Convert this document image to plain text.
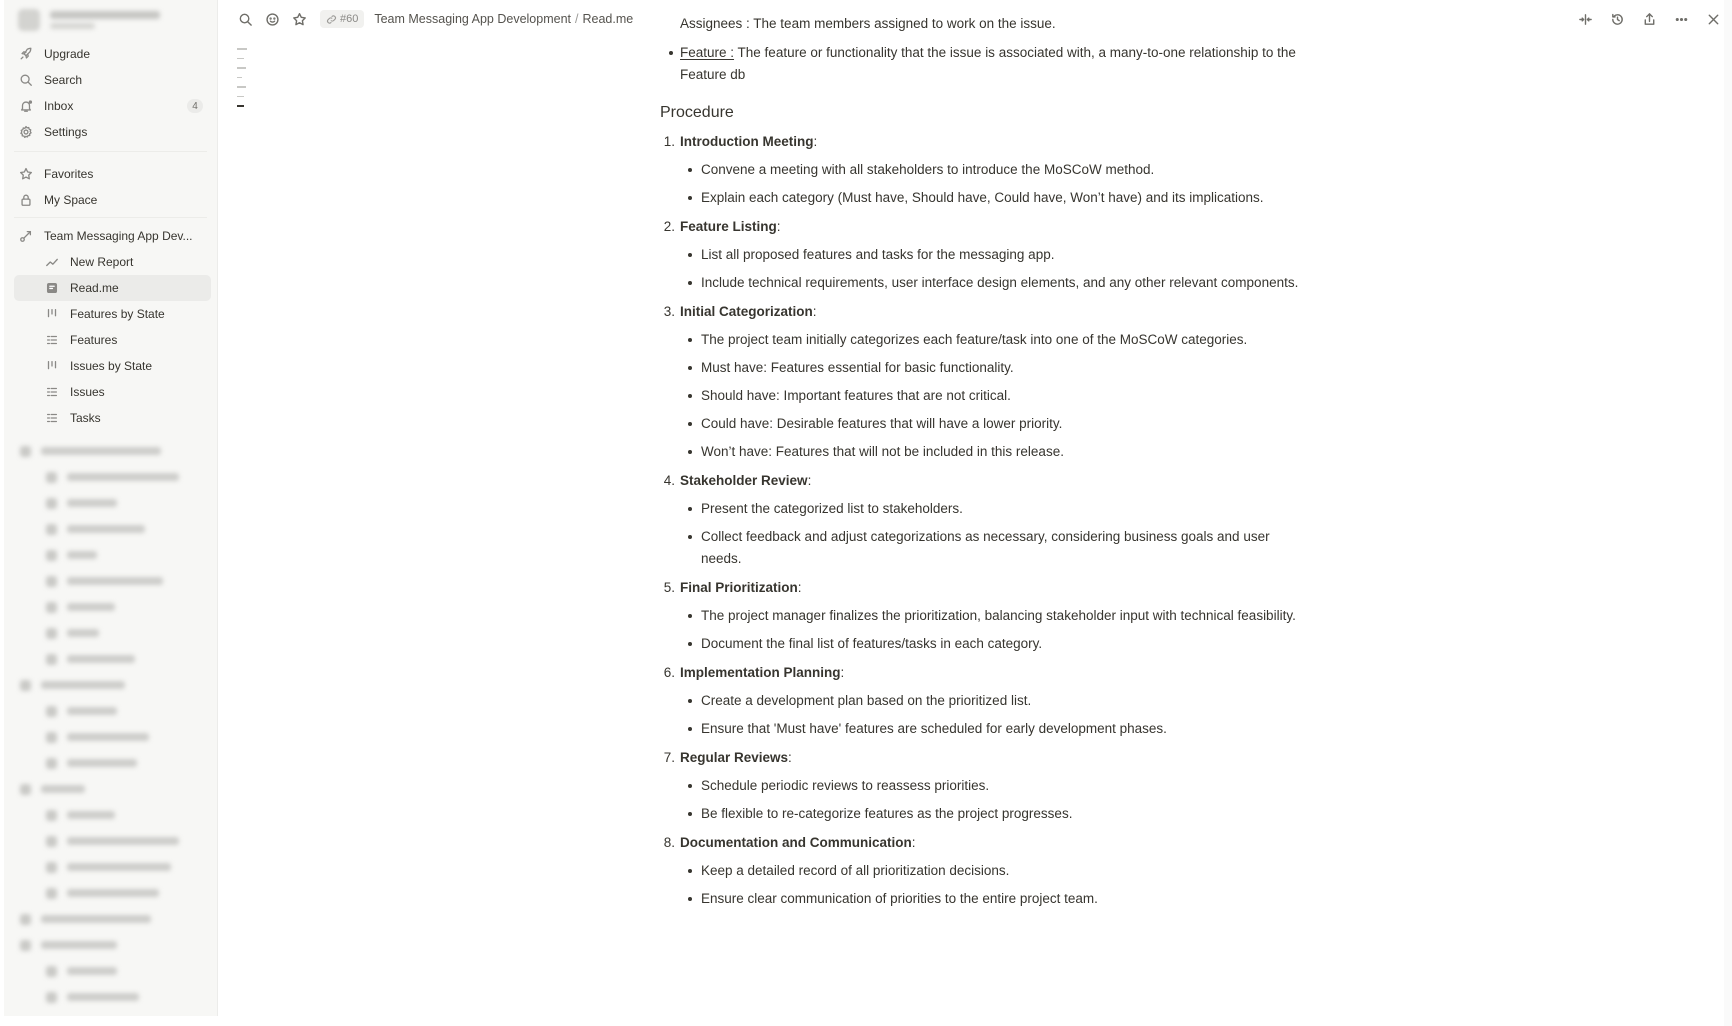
Upgrade
Search
Inbox	4
Settings
Favorites
My Space
Team Messaging App Dev...
New Report
Read.me
Features by State
Features
Issues by State
Issues
Tasks
#60 Team Messaging App Development / Read.me	Assignees : The team members assigned to work on the issue.
Feature : The feature or functionality that the issue is associated with, a many-to-one relationship to the Feature db
Procedure
1. Introduction Meeting :
Convene a meeting with all stakeholders to introduce the MoSCoW method.
Explain each category (Must have, Should have, Could have, Won’t have) and its implications.
2. Feature Listing :
List all proposed features and tasks for the messaging app.
Include technical requirements, user interface design elements, and any other relevant components.
3. Initial Categorization :
The project team initially categorizes each feature/task into one of the MoSCoW categories.
Must have: Features essential for basic functionality.
Should have: Important features that are not critical.
Could have: Desirable features that will have a lower priority.
Won’t have: Features that will not be included in this release.
4. Stakeholder Review :
Present the categorized list to stakeholders.
Collect feedback and adjust categorizations as necessary, considering business goals and user needs.
5. Final Prioritization :
The project manager finalizes the prioritization, balancing stakeholder input with technical feasibility.
Document the final list of features/tasks in each category.
6. Implementation Planning :
Create a development plan based on the prioritized list.
Ensure that 'Must have' features are scheduled for early development phases.
7. Regular Reviews :
Schedule periodic reviews to reassess priorities.
Be flexible to re-categorize features as the project progresses.
8. Documentation and Communication :
Keep a detailed record of all prioritization decisions.
Ensure clear communication of priorities to the entire project team.
